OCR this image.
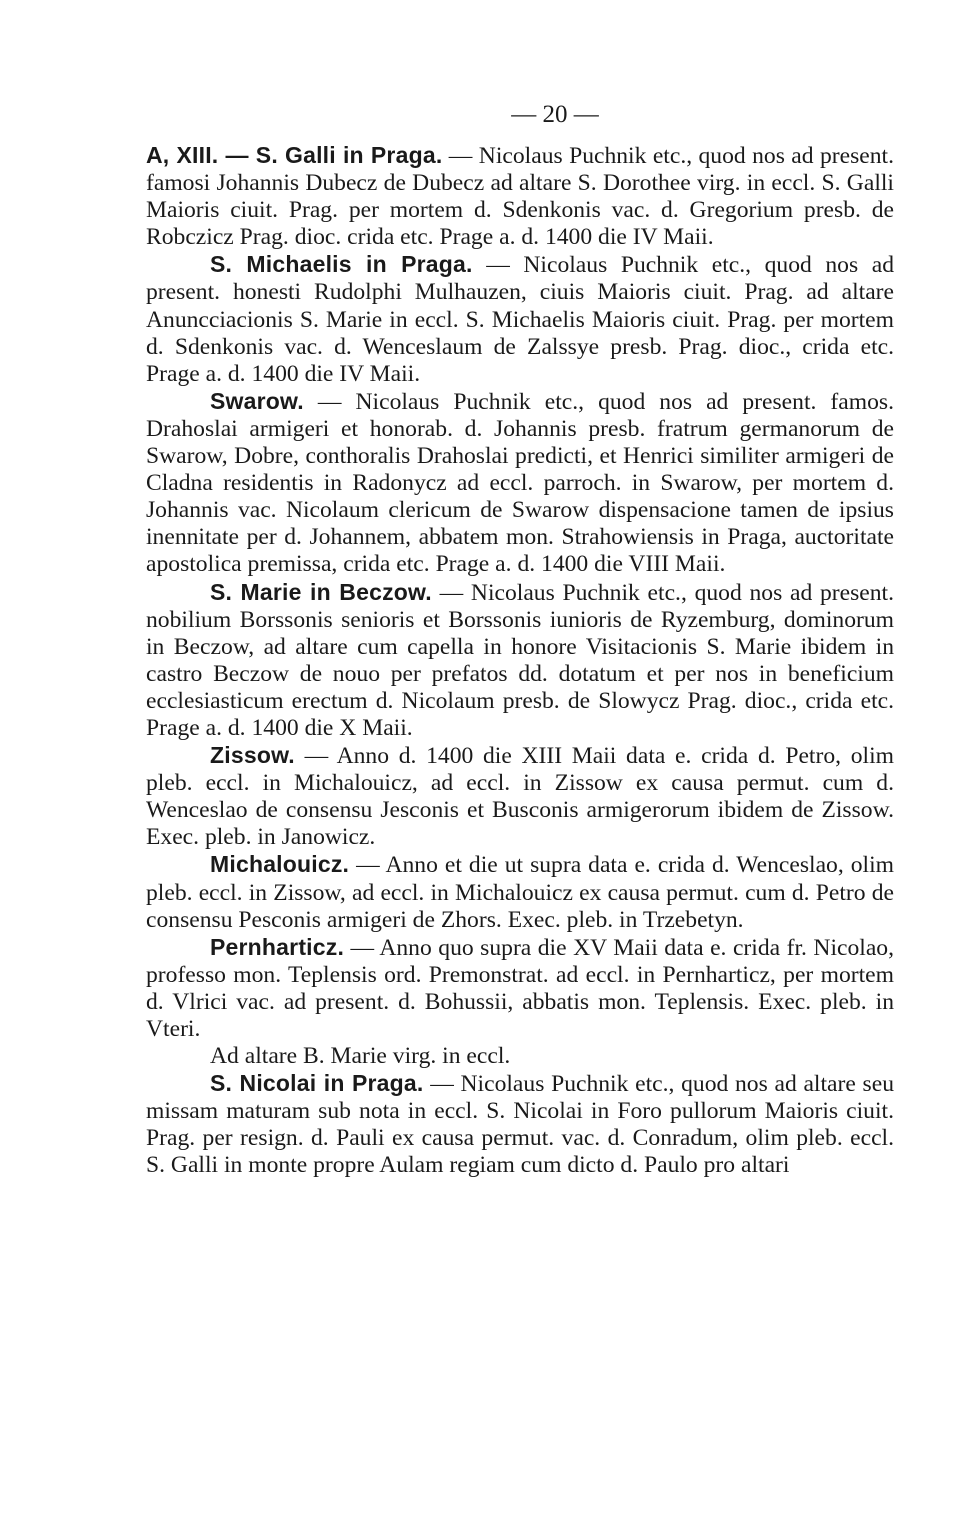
— 20 —

A, XIII. — S. Galli in Praga. — Nicolaus Puchnik etc., quod nos ad present. famosi Johannis Dubecz de Dubecz ad altare S. Dorothee virg. in eccl. S. Galli Maioris ciuit. Prag. per mortem d. Sdenkonis vac. d. Gregorium presb. de Robczicz Prag. dioc. crida etc. Prage a. d. 1400 die IV Maii.

S. Michaelis in Praga. — Nicolaus Puchnik etc., quod nos ad present. honesti Rudolphi Mulhauzen, ciuis Maioris ciuit. Prag. ad altare Anuncciacionis S. Marie in eccl. S. Michaelis Maioris ciuit. Prag. per mortem d. Sdenkonis vac. d. Wenceslaum de Zalssye presb. Prag. dioc., crida etc. Prage a. d. 1400 die IV Maii.

Swarow. — Nicolaus Puchnik etc., quod nos ad present. famos. Drahoslai armigeri et honorab. d. Johannis presb. fratrum germanorum de Swarow, Dobre, conthoralis Drahoslai predicti, et Henrici similiter armigeri de Cladna residentis in Radonycz ad eccl. parroch. in Swarow, per mortem d. Johannis vac. Nicolaum clericum de Swarow dispensacione tamen de ipsius inennitate per d. Johannem, abbatem mon. Strahowiensis in Praga, auctoritate apostolica premissa, crida etc. Prage a. d. 1400 die VIII Maii.

S. Marie in Beczow. — Nicolaus Puchnik etc., quod nos ad present. nobilium Borssonis senioris et Borssonis iunioris de Ryzemburg, dominorum in Beczow, ad altare cum capella in honore Visitacionis S. Marie ibidem in castro Beczow de nouo per prefatos dd. dotatum et per nos in beneficium ecclesiasticum erectum d. Nicolaum presb. de Slowycz Prag. dioc., crida etc. Prage a. d. 1400 die X Maii.

Zissow. — Anno d. 1400 die XIII Maii data e. crida d. Petro, olim pleb. eccl. in Michalouicz, ad eccl. in Zissow ex causa permut. cum d. Wenceslao de consensu Jesconis et Busconis armigerorum ibidem de Zissow. Exec. pleb. in Janowicz.

Michalouicz. — Anno et die ut supra data e. crida d. Wenceslao, olim pleb. eccl. in Zissow, ad eccl. in Michalouicz ex causa permut. cum d. Petro de consensu Pesconis armigeri de Zhors. Exec. pleb. in Trzebetyn.

Pernharticz. — Anno quo supra die XV Maii data e. crida fr. Nicolao, professo mon. Teplensis ord. Premonstrat. ad eccl. in Pernharticz, per mortem d. Vlrici vac. ad present. d. Bohussii, abbatis mon. Teplensis. Exec. pleb. in Vteri.

Ad altare B. Marie virg. in eccl.

S. Nicolai in Praga. — Nicolaus Puchnik etc., quod nos ad altare seu missam maturam sub nota in eccl. S. Nicolai in Foro pullorum Maioris ciuit. Prag. per resign. d. Pauli ex causa permut. vac. d. Conradum, olim pleb. eccl. S. Galli in monte propre Aulam regiam cum dicto d. Paulo pro altari
